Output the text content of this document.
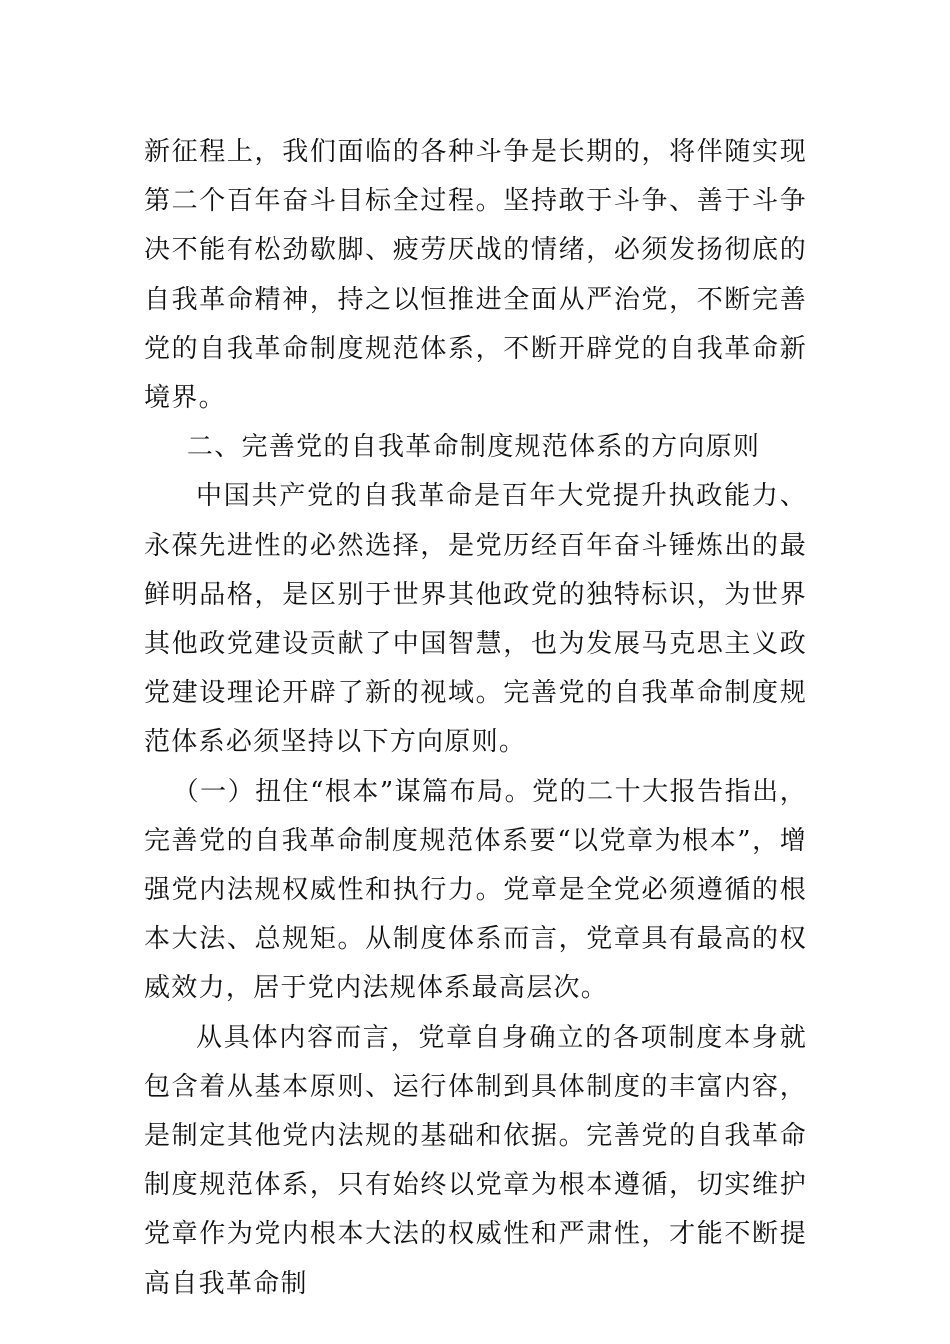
新征程上，我们面临的各种斗争是长期的，将伴随实现第二个百年奋斗目标全过程。坚持敢于斗争、善于斗争决不能有松劲歇脚、疲劳厌战的情绪，必须发扬彻底的自我革命精神，持之以恒推进全面从严治党，不断完善党的自我革命制度规范体系，不断开辟党的自我革命新境界。

二、完善党的自我革命制度规范体系的方向原则

中国共产党的自我革命是百年大党提升执政能力、永葆先进性的必然选择，是党历经百年奋斗锤炼出的最鲜明品格，是区别于世界其他政党的独特标识，为世界其他政党建设贡献了中国智慧，也为发展马克思主义政党建设理论开辟了新的视域。完善党的自我革命制度规范体系必须坚持以下方向原则。

（一）扭住“根本”谋篇布局。党的二十大报告指出，完善党的自我革命制度规范体系要“以党章为根本”，增强党内法规权威性和执行力。党章是全党必须遵循的根本大法、总规矩。从制度体系而言，党章具有最高的权威效力，居于党内法规体系最高层次。

从具体内容而言，党章自身确立的各项制度本身就包含着从基本原则、运行体制到具体制度的丰富内容，是制定其他党内法规的基础和依据。完善党的自我革命制度规范体系，只有始终以党章为根本遵循，切实维护党章作为党内根本大法的权威性和严肃性，才能不断提高自我革命制
